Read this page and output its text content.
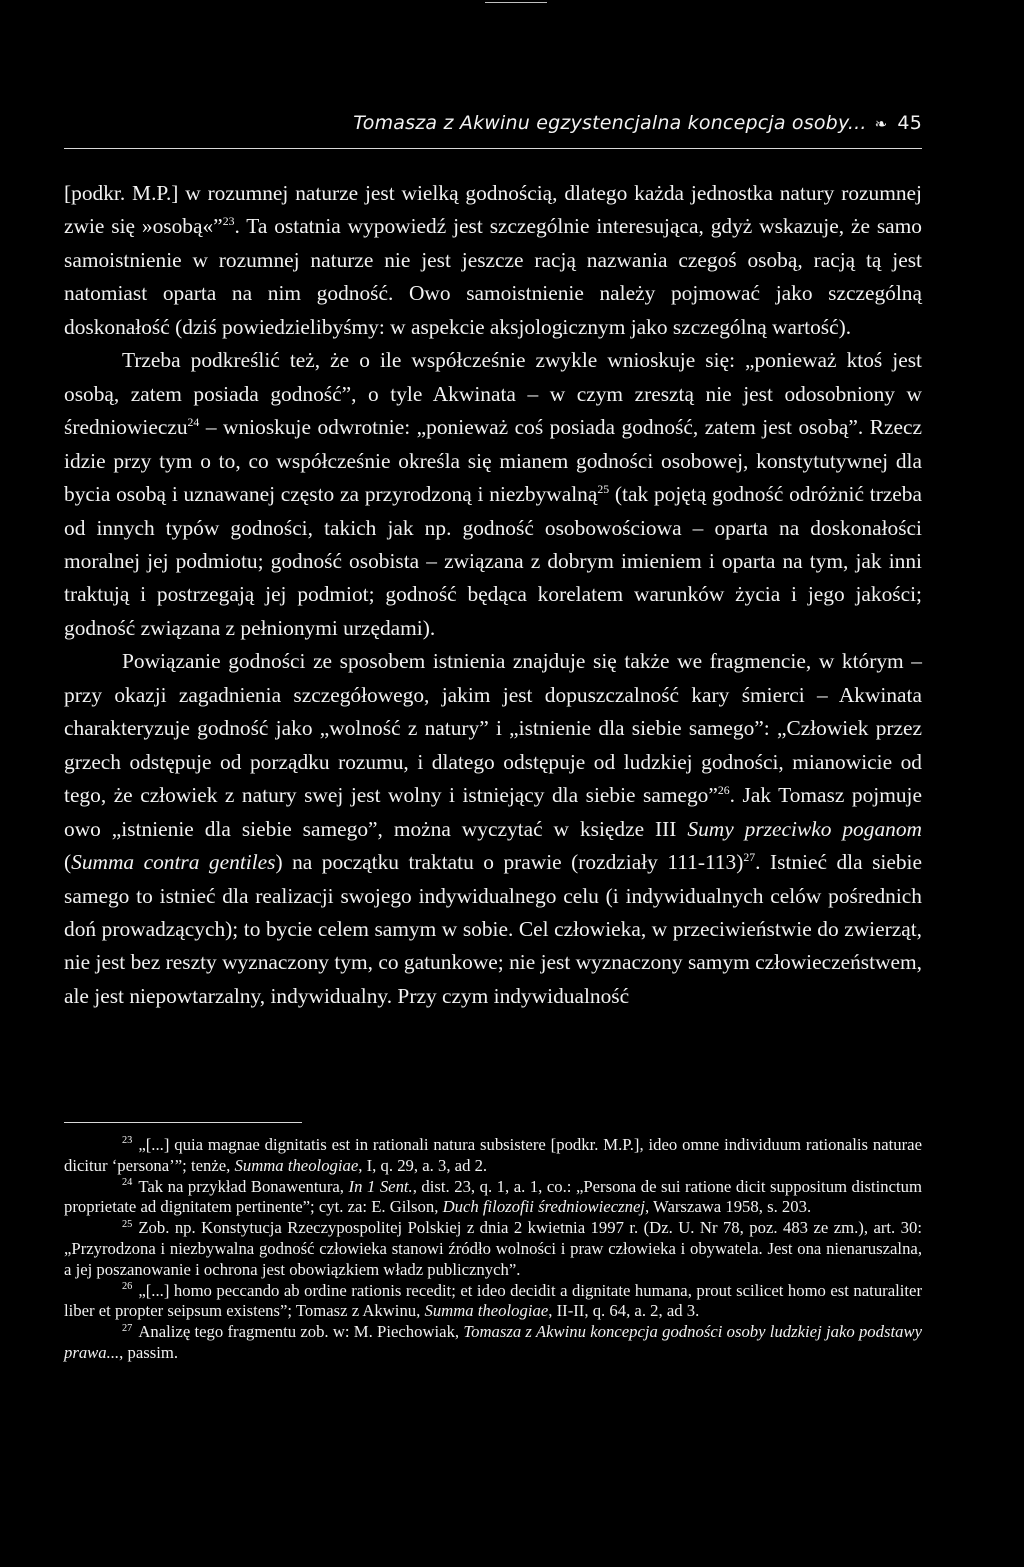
Tomasza z Akwinu egzystencjalna koncepcja osoby... ❧ 45

[podkr. M.P.] w rozumnej naturze jest wielką godnością, dlatego każda jednostka natury rozumnej zwie się »osobą«”$^{23}$. Ta ostatnia wypowiedź jest szczególnie interesująca, gdyż wskazuje, że samo samoistnienie w rozumnej naturze nie jest jeszcze racją nazwania czegoś osobą, racją tą jest natomiast oparta na nim godność. Owo samoistnienie należy pojmować jako szczególną doskonałość (dziś powiedzielibyśmy: w aspekcie aksjologicznym jako szczególną wartość).

Trzeba podkreślić też, że o ile współcześnie zwykle wnioskuje się: „ponieważ ktoś jest osobą, zatem posiada godność”, o tyle Akwinata – w czym zresztą nie jest odosobniony w średniowieczu$^{24}$ – wnioskuje odwrotnie: „ponieważ coś posiada godność, zatem jest osobą”. Rzecz idzie przy tym o to, co współcześnie określa się mianem godności osobowej, konstytutywnej dla bycia osobą i uznawanej często za przyrodzoną i niezbywalną$^{25}$ (tak pojętą godność odróżnić trzeba od innych typów godności, takich jak np. godność osobowościowa – oparta na doskonałości moralnej jej podmiotu; godność osobista – związana z dobrym imieniem i oparta na tym, jak inni traktują i postrzegają jej podmiot; godność będąca korelatem warunków życia i jego jakości; godność związana z pełnionymi urzędami).

Powiązanie godności ze sposobem istnienia znajduje się także we fragmencie, w którym – przy okazji zagadnienia szczegółowego, jakim jest dopuszczalność kary śmierci – Akwinata charakteryzuje godność jako „wolność z natury” i „istnienie dla siebie samego”: „Człowiek przez grzech odstępuje od porządku rozumu, i dlatego odstępuje od ludzkiej godności, mianowicie od tego, że człowiek z natury swej jest wolny i istniejący dla siebie samego”$^{26}$. Jak Tomasz pojmuje owo „istnienie dla siebie samego”, można wyczytać w księdze III Sumy przeciwko poganom (Summa contra gentiles) na początku traktatu o prawie (rozdziały 111-113)$^{27}$. Istnieć dla siebie samego to istnieć dla realizacji swojego indywidualnego celu (i indywidualnych celów pośrednich doń prowadzących); to bycie celem samym w sobie. Cel człowieka, w przeciwieństwie do zwierząt, nie jest bez reszty wyznaczony tym, co gatunkowe; nie jest wyznaczony samym człowieczeństwem, ale jest niepowtarzalny, indywidualny. Przy czym indywidualność

$^{23}$ „[...] quia magnae dignitatis est in rationali natura subsistere [podkr. M.P.], ideo omne individuum rationalis naturae dicitur ‘persona’”; tenże, Summa theologiae, I, q. 29, a. 3, ad 2.

$^{24}$ Tak na przykład Bonawentura, In 1 Sent., dist. 23, q. 1, a. 1, co.: „Persona de sui ratione dicit suppositum distinctum proprietate ad dignitatem pertinente”; cyt. za: E. Gilson, Duch filozofii średniowiecznej, Warszawa 1958, s. 203.

$^{25}$ Zob. np. Konstytucja Rzeczypospolitej Polskiej z dnia 2 kwietnia 1997 r. (Dz. U. Nr 78, poz. 483 ze zm.), art. 30: „Przyrodzona i niezbywalna godność człowieka stanowi źródło wolności i praw człowieka i obywatela. Jest ona nienaruszalna, a jej poszanowanie i ochrona jest obowiązkiem władz publicznych”.

$^{26}$ „[...] homo peccando ab ordine rationis recedit; et ideo decidit a dignitate humana, prout scilicet homo est naturaliter liber et propter seipsum existens”; Tomasz z Akwinu, Summa theologiae, II-II, q. 64, a. 2, ad 3.

$^{27}$ Analizę tego fragmentu zob. w: M. Piechowiak, Tomasza z Akwinu koncepcja godności osoby ludzkiej jako podstawy prawa..., passim.
